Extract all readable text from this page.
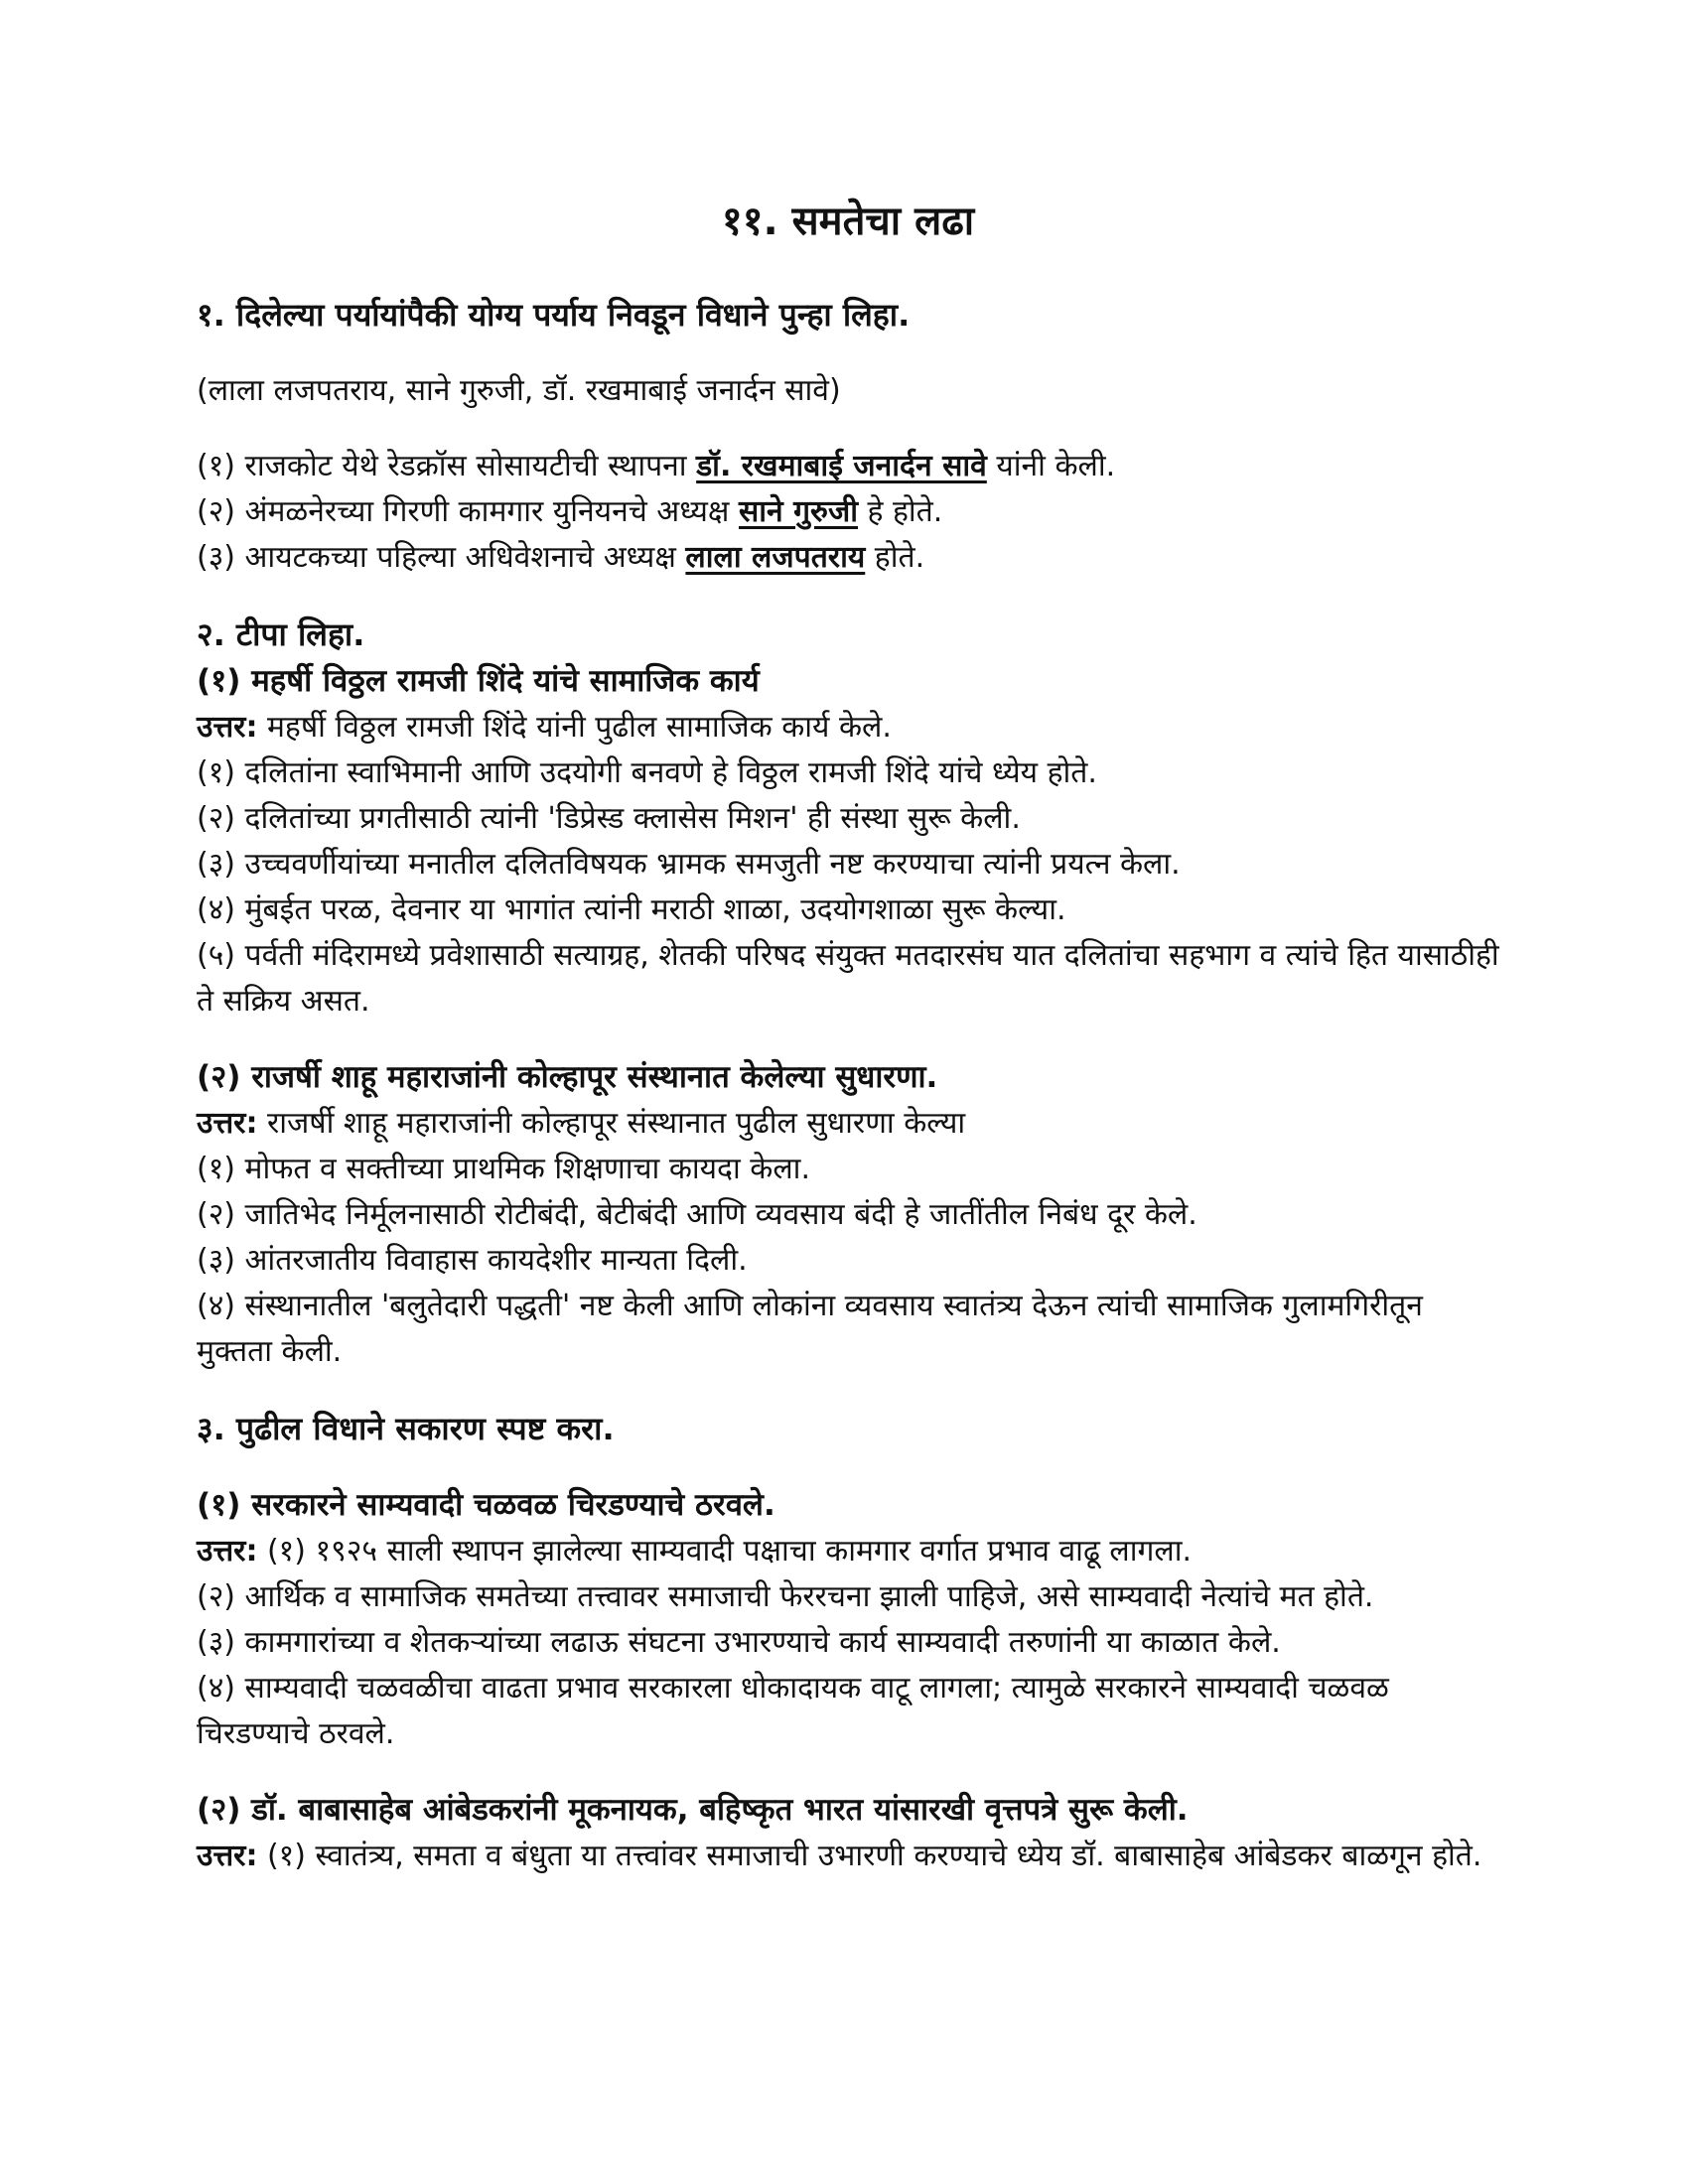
११. समतेचा लढा

१. दिलेल्या पर्यायांपैकी योग्य पर्याय निवडून विधाने पुन्हा लिहा.

(लाला लजपतराय, साने गुरुजी, डॉ. रखमाबाई जनार्दन सावे)

(१) राजकोट येथे रेडक्रॉस सोसायटीची स्थापना डॉ. रखमाबाई जनार्दन सावे यांनी केली.

(२) अंमळनेरच्या गिरणी कामगार युनियनचे अध्यक्ष साने गुरुजी हे होते.

(३) आयटकच्या पहिल्या अधिवेशनाचे अध्यक्ष लाला लजपतराय होते.

२. टीपा लिहा.

(१) महर्षी विठ्ठल रामजी शिंदे यांचे सामाजिक कार्य

उत्तर: महर्षी विठ्ठल रामजी शिंदे यांनी पुढील सामाजिक कार्य केले.

(१) दलितांना स्वाभिमानी आणि उदयोगी बनवणे हे विठ्ठल रामजी शिंदे यांचे ध्येय होते.

(२) दलितांच्या प्रगतीसाठी त्यांनी 'डिप्रेस्ड क्लासेस मिशन' ही संस्था सुरू केली.

(३) उच्चवर्णीयांच्या मनातील दलितविषयक भ्रामक समजुती नष्ट करण्याचा त्यांनी प्रयत्न केला.

(४) मुंबईत परळ, देवनार या भागांत त्यांनी मराठी शाळा, उदयोगशाळा सुरू केल्या.

(५) पर्वती मंदिरामध्ये प्रवेशासाठी सत्याग्रह, शेतकी परिषद संयुक्त मतदारसंघ यात दलितांचा सहभाग व त्यांचे हित यासाठीही ते सक्रिय असत.

(२) राजर्षी शाहू महाराजांनी कोल्हापूर संस्थानात केलेल्या सुधारणा.

उत्तर: राजर्षी शाहू महाराजांनी कोल्हापूर संस्थानात पुढील सुधारणा केल्या

(१) मोफत व सक्तीच्या प्राथमिक शिक्षणाचा कायदा केला.

(२) जातिभेद निर्मूलनासाठी रोटीबंदी, बेटीबंदी आणि व्यवसाय बंदी हे जातींतील निबंध दूर केले.

(३) आंतरजातीय विवाहास कायदेशीर मान्यता दिली.

(४) संस्थानातील 'बलुतेदारी पद्धती' नष्ट केली आणि लोकांना व्यवसाय स्वातंत्र्य देऊन त्यांची सामाजिक गुलामगिरीतून मुक्तता केली.

३. पुढील विधाने सकारण स्पष्ट करा.

(१) सरकारने साम्यवादी चळवळ चिरडण्याचे ठरवले.

उत्तर: (१) १९२५ साली स्थापन झालेल्या साम्यवादी पक्षाचा कामगार वर्गात प्रभाव वाढू लागला.

(२) आर्थिक व सामाजिक समतेच्या तत्त्वावर समाजाची फेररचना झाली पाहिजे, असे साम्यवादी नेत्यांचे मत होते.

(३) कामगारांच्या व शेतकऱ्यांच्या लढाऊ संघटना उभारण्याचे कार्य साम्यवादी तरुणांनी या काळात केले.

(४) साम्यवादी चळवळीचा वाढता प्रभाव सरकारला धोकादायक वाटू लागला; त्यामुळे सरकारने साम्यवादी चळवळ चिरडण्याचे ठरवले.

(२) डॉ. बाबासाहेब आंबेडकरांनी मूकनायक, बहिष्कृत भारत यांसारखी वृत्तपत्रे सुरू केली.

उत्तर: (१) स्वातंत्र्य, समता व बंधुता या तत्त्वांवर समाजाची उभारणी करण्याचे ध्येय डॉ. बाबासाहेब आंबेडकर बाळगून होते.
